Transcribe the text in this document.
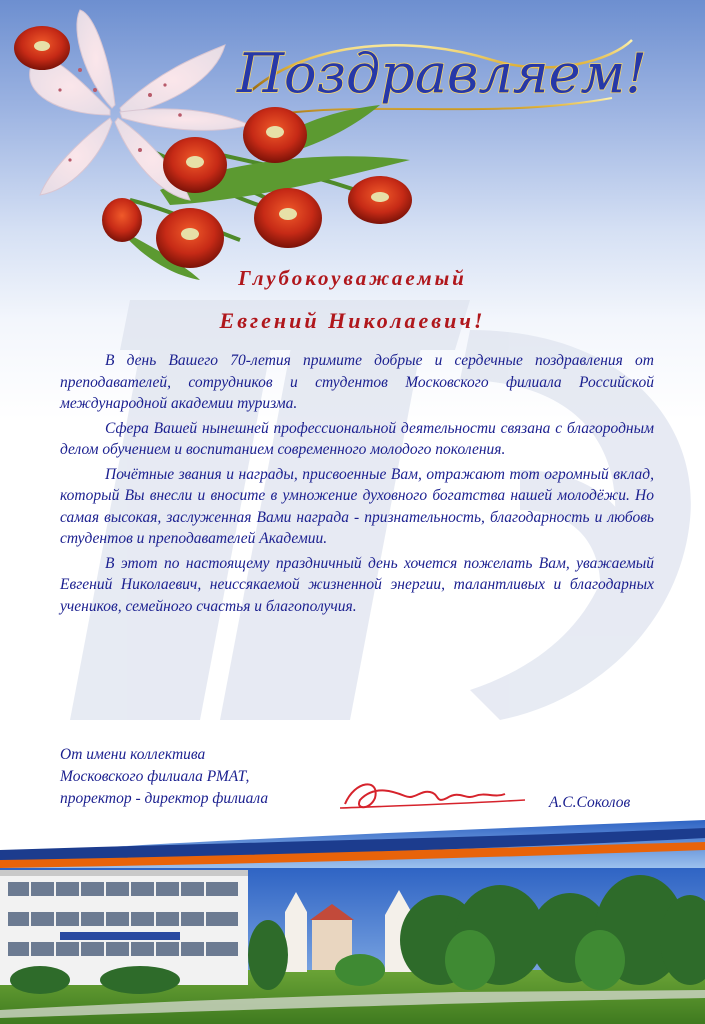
Поздравляем!
Глубокоуважаемый
Евгений Николаевич!

В день Вашего 70-летия примите добрые и сердечные поздравления от преподавателей, сотрудников и студентов Московского филиала Российской международной академии туризма.

Сфера Вашей нынешней профессиональной деятельности связана с благородным делом обучением и воспитанием современного молодого поколения.

Почётные звания и награды, присвоенные Вам, отражают тот огромный вклад, который Вы внесли и вносите в умножение духовного богатства нашей молодёжи. Но самая высокая, заслуженная Вами награда - признательность, благодарность и любовь студентов и преподавателей Академии.

В этот по настоящему праздничный день хочется пожелать Вам, уважаемый Евгений Николаевич, неиссякаемой жизненной энергии, талантливых и благодарных учеников, семейного счастья и благополучия.

От имени коллектива
Московского филиала РМАТ,
проректор - директор филиала	А.С.Соколов
